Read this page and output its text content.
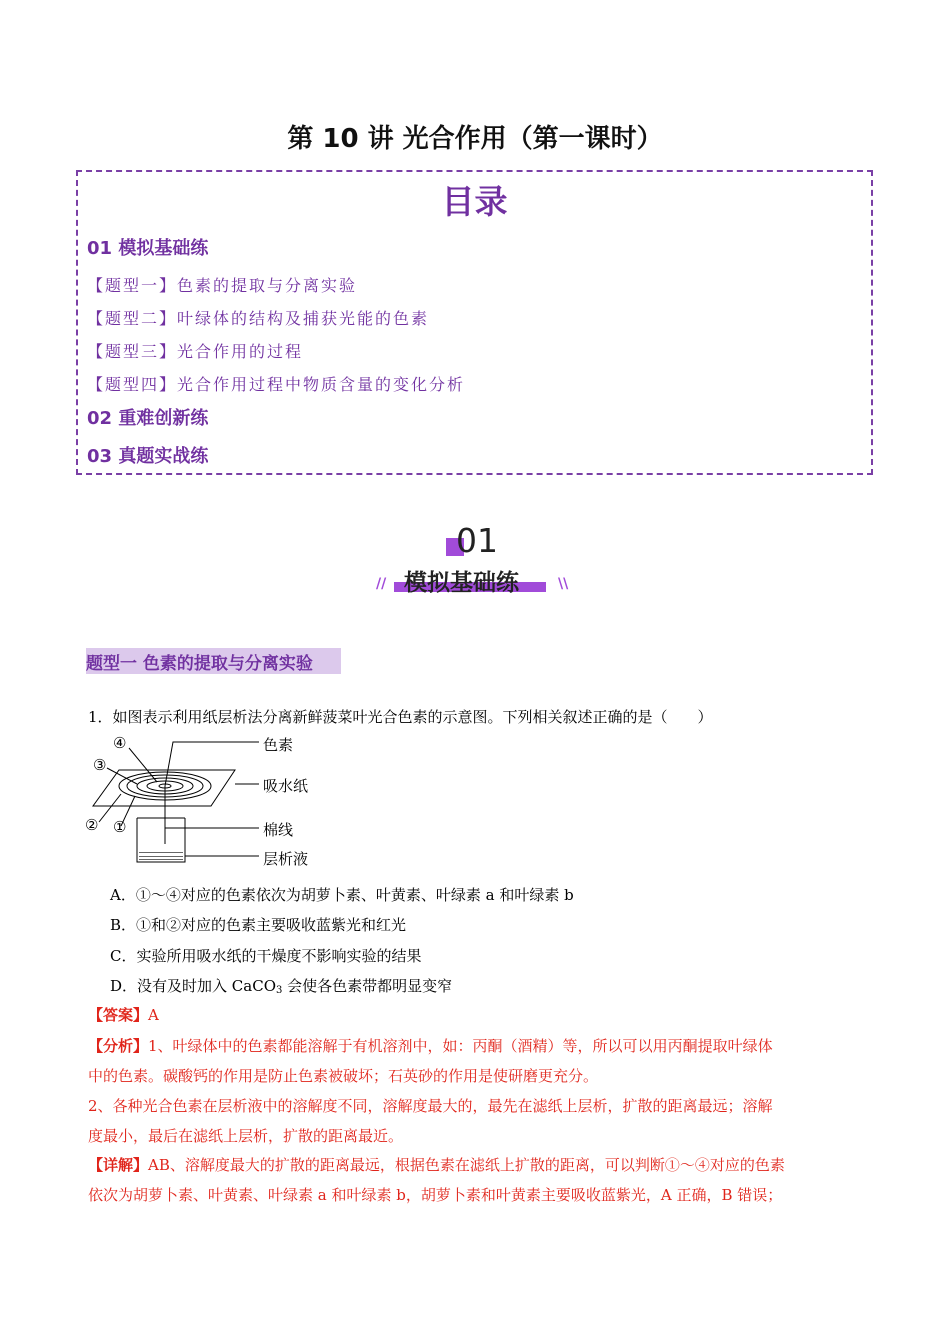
第 10 讲 光合作用（第一课时）
目录
01 模拟基础练
【题型一】色素的提取与分离实验
【题型二】叶绿体的结构及捕获光能的色素
【题型三】光合作用的过程
【题型四】光合作用过程中物质含量的变化分析
02 重难创新练
03 真题实战练
01
模拟基础练
//	\\
题型一 色素的提取与分离实验
1．如图表示利用纸层析法分离新鲜菠菜叶光合色素的示意图。下列相关叙述正确的是（　　）
④
③
② ①
色素
吸水纸
棉线
层析液
A．①～④对应的色素依次为胡萝卜素、叶黄素、叶绿素 a 和叶绿素 b
B．①和②对应的色素主要吸收蓝紫光和红光
C．实验所用吸水纸的干燥度不影响实验的结果
D．没有及时加入 CaCO$_3$ 会使各色素带都明显变窄
【答案】A
【分析】1、叶绿体中的色素都能溶解于有机溶剂中，如：丙酮（酒精）等，所以可以用丙酮提取叶绿体
中的色素。碳酸钙的作用是防止色素被破坏；石英砂的作用是使研磨更充分。
2、各种光合色素在层析液中的溶解度不同，溶解度最大的，最先在滤纸上层析，扩散的距离最远；溶解
度最小，最后在滤纸上层析，扩散的距离最近。
【详解】AB、溶解度最大的扩散的距离最远，根据色素在滤纸上扩散的距离，可以判断①～④对应的色素
依次为胡萝卜素、叶黄素、叶绿素 a 和叶绿素 b，胡萝卜素和叶黄素主要吸收蓝紫光，A 正确，B 错误；
